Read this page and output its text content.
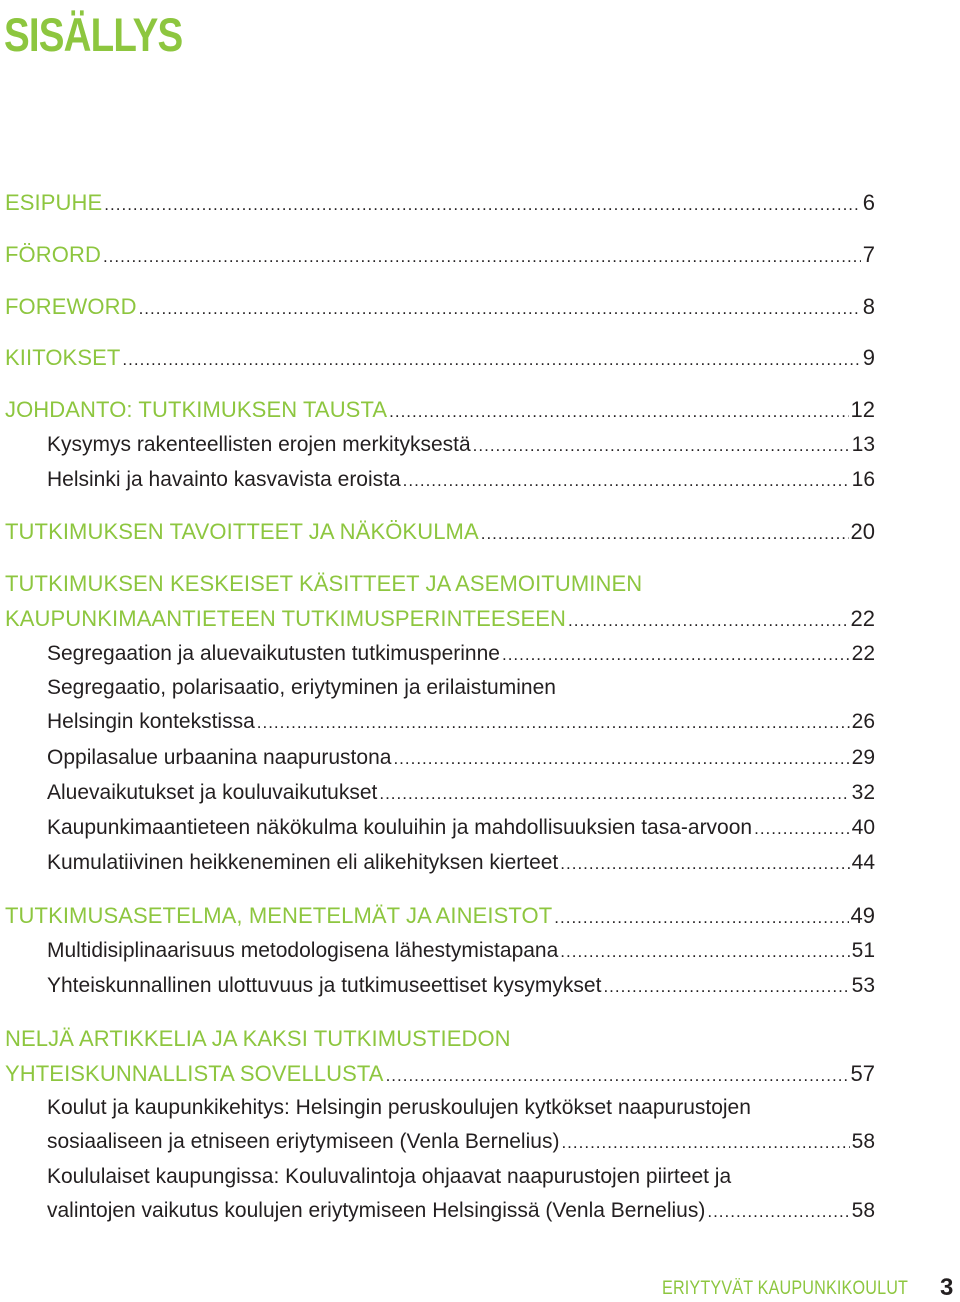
SISÄLLYS
ESIPUHE .....	6
FÖRORD .....	7
FOREWORD .....	8
KIITOKSET .....	9
JOHDANTO: TUTKIMUKSEN TAUSTA .....	12
Kysymys rakenteellisten erojen merkityksestä .....	13
Helsinki ja havainto kasvavista eroista .....	16
TUTKIMUKSEN TAVOITTEET JA NÄKÖKULMA .....	20
TUTKIMUKSEN KESKEISET KÄSITTEET JA ASEMOITUMINEN
KAUPUNKIMAANTIETEEN TUTKIMUSPERINTEESEEN .....	22
Segregaation ja aluevaikutusten tutkimusperinne .....	22
Segregaatio, polarisaatio, eriytyminen ja erilaistuminen
Helsingin kontekstissa .....	26
Oppilasalue urbaanina naapurustona .....	29
Aluevaikutukset ja kouluvaikutukset .....	32
Kaupunkimaantieteen näkökulma kouluihin ja mahdollisuuksien tasa-arvoon .....	40
Kumulatiivinen heikkeneminen eli alikehityksen kierteet .....	44
TUTKIMUSASETELMA, MENETELMÄT JA AINEISTOT .....	49
Multidisiplinaarisuus metodologisena lähestymistapana .....	51
Yhteiskunnallinen ulottuvuus ja tutkimuseettiset kysymykset .....	53
NELJÄ ARTIKKELIA JA KAKSI TUTKIMUSTIEDON
YHTEISKUNNALLISTA SOVELLUSTA .....	57
Koulut ja kaupunkikehitys: Helsingin peruskoulujen kytkökset naapurustojen
sosiaaliseen ja etniseen eriytymiseen (Venla Bernelius) .....	58
Koululaiset kaupungissa: Kouluvalintoja ohjaavat naapurustojen piirteet ja
valintojen vaikutus koulujen eriytymiseen Helsingissä (Venla Bernelius) .....	58
ERIYTYVÄT KAUPUNKIKOULUT 3
